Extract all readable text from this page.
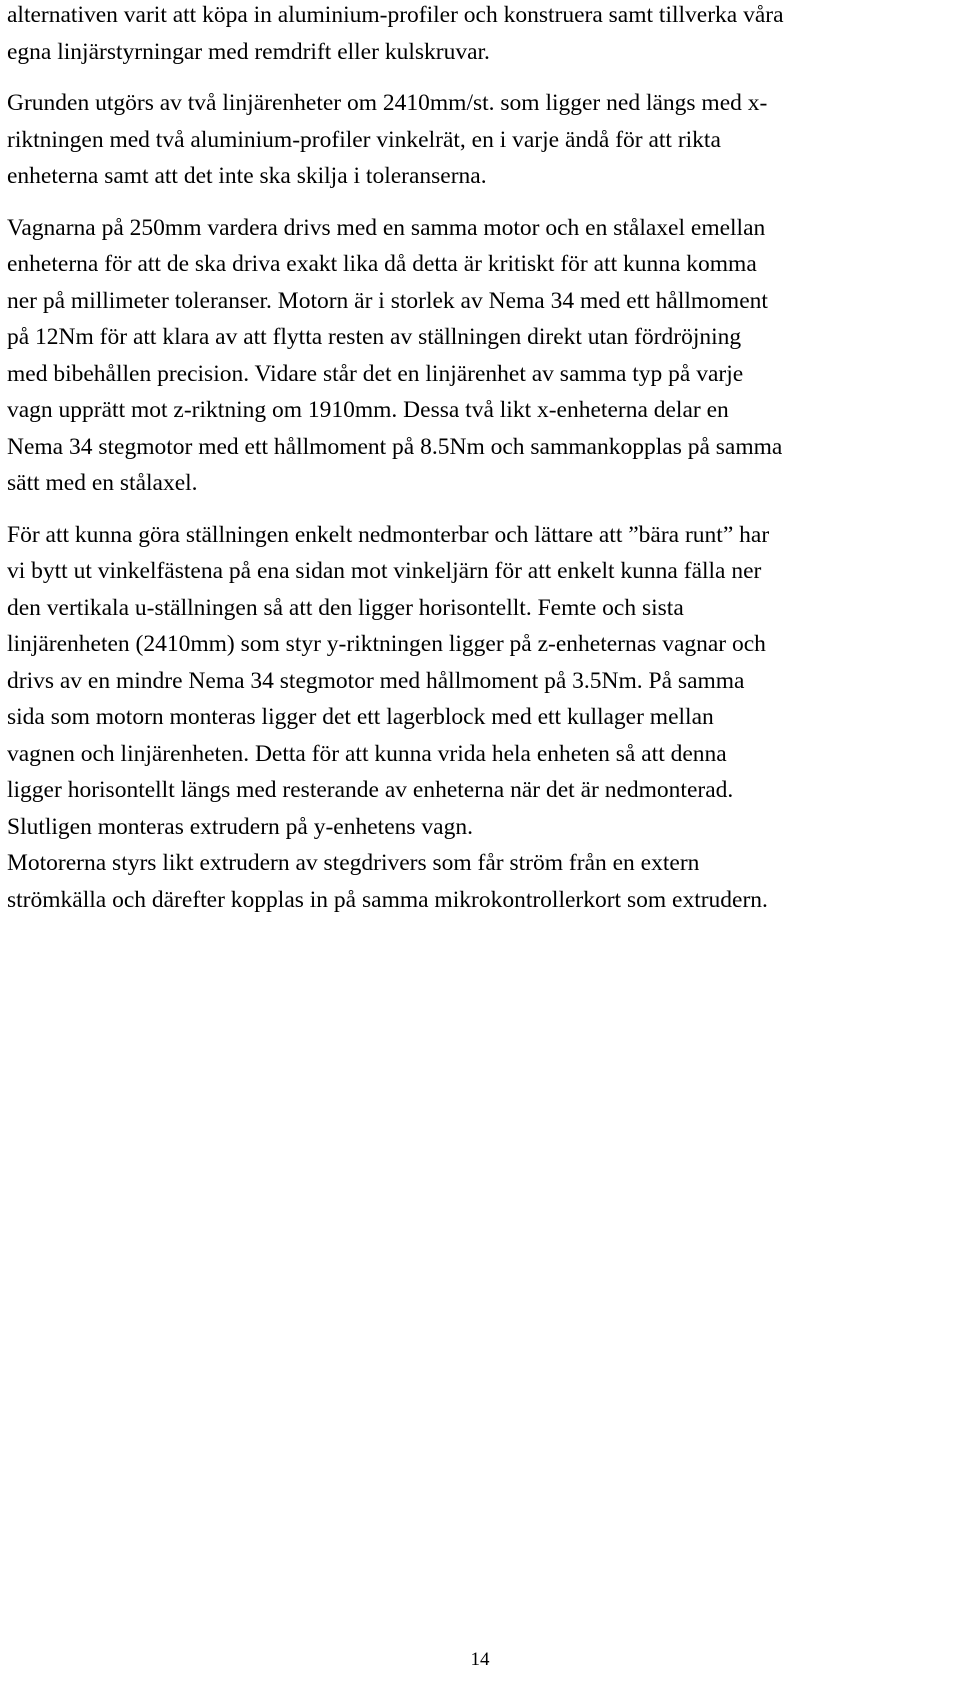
alternativen varit att köpa in aluminium-profiler och konstruera samt tillverka våra
egna linjärstyrningar med remdrift eller kulskruvar.

Grunden utgörs av två linjärenheter om 2410mm/st. som ligger ned längs med x-
riktningen med två aluminium-profiler vinkelrät, en i varje ändå för att rikta
enheterna samt att det inte ska skilja i toleranserna.

Vagnarna på 250mm vardera drivs med en samma motor och en stålaxel emellan
enheterna för att de ska driva exakt lika då detta är kritiskt för att kunna komma
ner på millimeter toleranser. Motorn är i storlek av Nema 34 med ett hållmoment
på 12Nm för att klara av att flytta resten av ställningen direkt utan fördröjning
med bibehållen precision. Vidare står det en linjärenhet av samma typ på varje
vagn upprätt mot z-riktning om 1910mm. Dessa två likt x-enheterna delar en
Nema 34 stegmotor med ett hållmoment på 8.5Nm och sammankopplas på samma
sätt med en stålaxel.

För att kunna göra ställningen enkelt nedmonterbar och lättare att ”bära runt” har
vi bytt ut vinkelfästena på ena sidan mot vinkeljärn för att enkelt kunna fälla ner
den vertikala u-ställningen så att den ligger horisontellt. Femte och sista
linjärenheten (2410mm) som styr y-riktningen ligger på z-enheternas vagnar och
drivs av en mindre Nema 34 stegmotor med hållmoment på 3.5Nm. På samma
sida som motorn monteras ligger det ett lagerblock med ett kullager mellan
vagnen och linjärenheten. Detta för att kunna vrida hela enheten så att denna
ligger horisontellt längs med resterande av enheterna när det är nedmonterad.
Slutligen monteras extrudern på y-enhetens vagn.

Motorerna styrs likt extrudern av stegdrivers som får ström från en extern
strömkälla och därefter kopplas in på samma mikrokontrollerkort som extrudern.

14
